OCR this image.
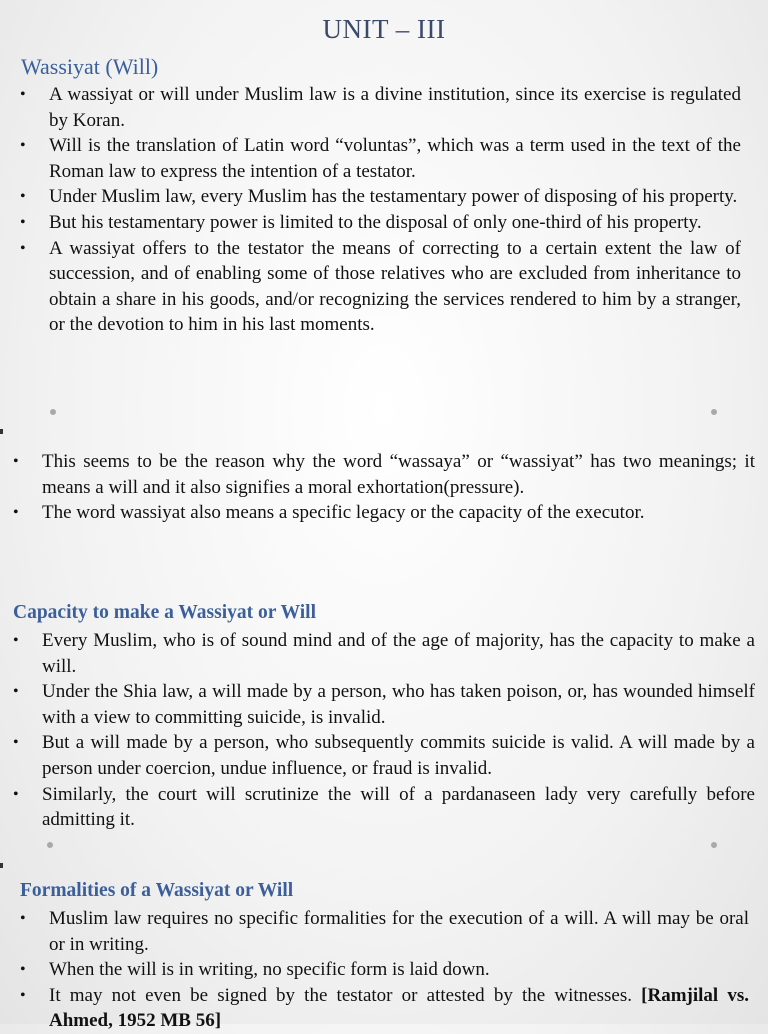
UNIT – III
Wassiyat (Will)
• A wassiyat or will under Muslim law is a divine institution, since its exercise is regulated by Koran.
• Will is the translation of Latin word “voluntas”, which was a term used in the text of the Roman law to express the intention of a testator.
• Under Muslim law, every Muslim has the testamentary power of disposing of his property.
• But his testamentary power is limited to the disposal of only one-third of his property.
• A wassiyat offers to the testator the means of correcting to a certain extent the law of succession, and of enabling some of those relatives who are excluded from inheritance to obtain a share in his goods, and/or recognizing the services rendered to him by a stranger, or the devotion to him in his last moments.
• This seems to be the reason why the word “wassaya” or “wassiyat” has two meanings; it means a will and it also signifies a moral exhortation(pressure).
• The word wassiyat also means a specific legacy or the capacity of the executor.
Capacity to make a Wassiyat or Will
• Every Muslim, who is of sound mind and of the age of majority, has the capacity to make a will.
• Under the Shia law, a will made by a person, who has taken poison, or, has wounded himself with a view to committing suicide, is invalid.
• But a will made by a person, who subsequently commits suicide is valid. A will made by a person under coercion, undue influence, or fraud is invalid.
• Similarly, the court will scrutinize the will of a pardanaseen lady very carefully before admitting it.
Formalities of a Wassiyat or Will
• Muslim law requires no specific formalities for the execution of a will. A will may be oral or in writing.
• When the will is in writing, no specific form is laid down.
• It may not even be signed by the testator or attested by the witnesses. [Ramjilal vs. Ahmed, 1952 MB 56]
